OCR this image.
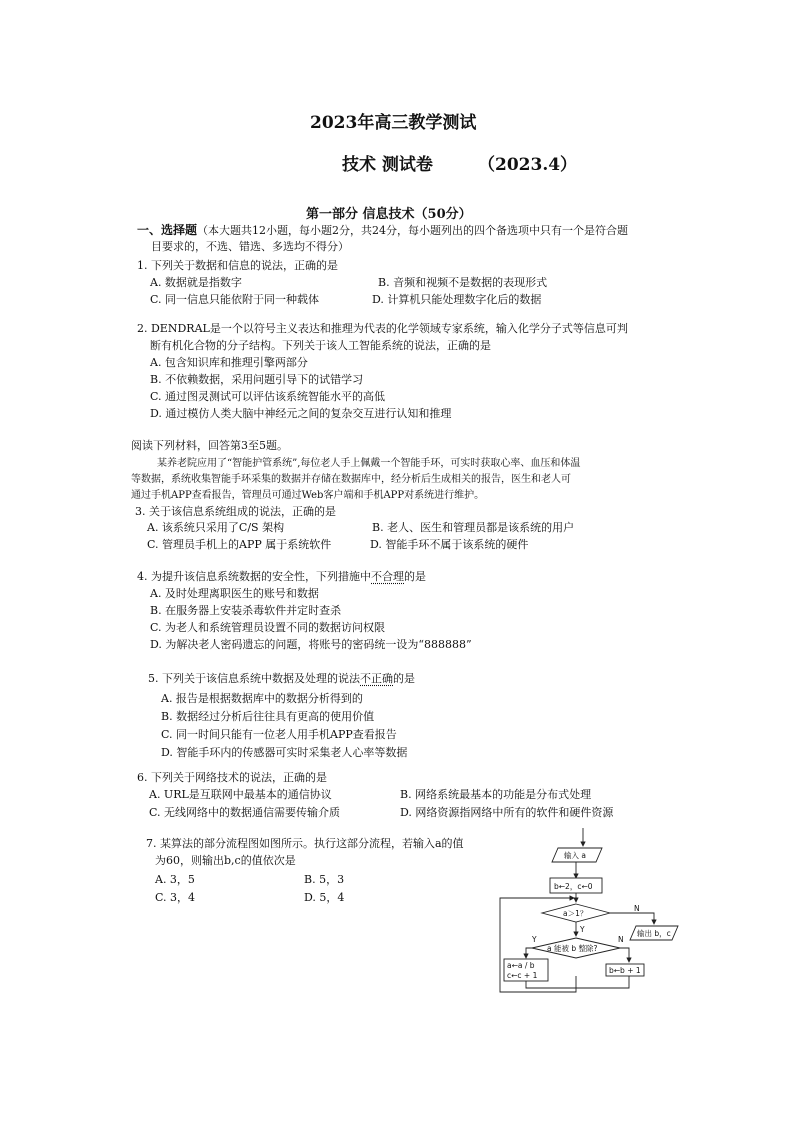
2023年高三教学测试
技术 测试卷	（2023.4）
第一部分 信息技术（50分）
一、选择题（本大题共12小题，每小题2分，共24分，每小题列出的四个备选项中只有一个是符合题
目要求的，不选、错选、多选均不得分）
1. 下列关于数据和信息的说法，正确的是
A. 数据就是指数字	B. 音频和视频不是数据的表现形式
C. 同一信息只能依附于同一种载体	D. 计算机只能处理数字化后的数据
2. DENDRAL是一个以符号主义表达和推理为代表的化学领域专家系统，输入化学分子式等信息可判
断有机化合物的分子结构。下列关于该人工智能系统的说法，正确的是
A. 包含知识库和推理引擎两部分
B. 不依赖数据，采用问题引导下的试错学习
C. 通过图灵测试可以评估该系统智能水平的高低
D. 通过模仿人类大脑中神经元之间的复杂交互进行认知和推理
阅读下列材料，回答第3至5题。
某养老院应用了“智能护管系统”,每位老人手上佩戴一个智能手环，可实时获取心率、血压和体温
等数据，系统收集智能手环采集的数据并存储在数据库中，经分析后生成相关的报告，医生和老人可
通过手机APP查看报告，管理员可通过Web客户端和手机APP对系统进行维护。
3. 关于该信息系统组成的说法，正确的是
A. 该系统只采用了C/S 架构	B. 老人、医生和管理员都是该系统的用户
C. 管理员手机上的APP 属于系统软件	D. 智能手环不属于该系统的硬件
4. 为提升该信息系统数据的安全性，下列措施中不合理的是
A. 及时处理离职医生的账号和数据
B. 在服务器上安装杀毒软件并定时查杀
C. 为老人和系统管理员设置不同的数据访问权限
D. 为解决老人密码遗忘的问题，将账号的密码统一设为“888888”
5. 下列关于该信息系统中数据及处理的说法不正确的是
A. 报告是根据数据库中的数据分析得到的
B. 数据经过分析后往往具有更高的使用价值
C. 同一时间只能有一位老人用手机APP查看报告
D. 智能手环内的传感器可实时采集老人心率等数据
6. 下列关于网络技术的说法，正确的是
A. URL是互联网中最基本的通信协议	B. 网络系统最基本的功能是分布式处理
C. 无线网络中的数据通信需要传输介质	D. 网络资源指网络中所有的软件和硬件资源
7. 某算法的部分流程图如图所示。执行这部分流程，若输入a的值
为60，则输出b,c的值依次是
A. 3，5	B. 5，3
C. 3，4	D. 5，4
输入 a
b←2，c←0
a＞1？
N
输出 b，c
Y
a 能被 b 整除?
Y	N
a←a / b
c←c + 1
b←b + 1
